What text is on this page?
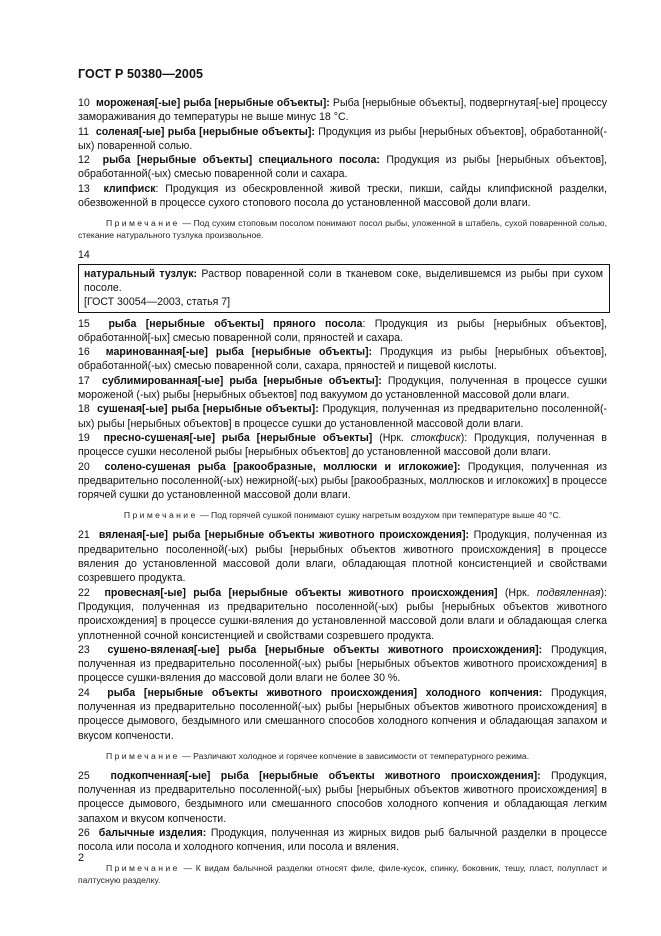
ГОСТ Р 50380—2005

10 мороженая[-ые] рыба [нерыбные объекты]: Рыба [нерыбные объекты], подвергнутая[-ые] процессу замораживания до температуры не выше минус 18 °С.

11 соленая[-ые] рыба [нерыбные объекты]: Продукция из рыбы [нерыбных объектов], обработанной(-ых) поваренной солью.

12 рыба [нерыбные объекты] специального посола: Продукция из рыбы [нерыбных объектов], обработанной(-ых) смесью поваренной соли и сахара.

13 клипфиск: Продукция из обескровленной живой трески, пикши, сайды клипфискной разделки, обезвоженной в процессе сухого стопового посола до установленной массовой доли влаги.

Примечание — Под сухим стоповым посолом понимают посол рыбы, уложенной в штабель, сухой поваренной солью, стекание натурального тузлука произвольное.

14
натуральный тузлук: Раствор поваренной соли в тканевом соке, выделившемся из рыбы при сухом посоле.
[ГОСТ 30054—2003, статья 7]

15 рыба [нерыбные объекты] пряного посола: Продукция из рыбы [нерыбных объектов], обработанной[-ых] смесью поваренной соли, пряностей и сахара.

16 маринованная[-ые] рыба [нерыбные объекты]: Продукция из рыбы [нерыбных объектов], обработанной(-ых) смесью поваренной соли, сахара, пряностей и пищевой кислоты.

17 сублимированная[-ые] рыба [нерыбные объекты]: Продукция, полученная в процессе сушки мороженой (-ых) рыбы [нерыбных объектов] под вакуумом до установленной массовой доли влаги.

18 сушеная[-ые] рыба [нерыбные объекты]: Продукция, полученная из предварительно посоленной(-ых) рыбы [нерыбных объектов] в процессе сушки до установленной массовой доли влаги.

19 пресно-сушеная[-ые] рыба [нерыбные объекты] (Нрк. стокфиск): Продукция, полученная в процессе сушки несоленой рыбы [нерыбных объектов] до установленной массовой доли влаги.

20 солено-сушеная рыба [ракообразные, моллюски и иглокожие]: Продукция, полученная из предварительно посоленной(-ых) нежирной(-ых) рыбы [ракообразных, моллюсков и иглокожих] в процессе горячей сушки до установленной массовой доли влаги.

Примечание — Под горячей сушкой понимают сушку нагретым воздухом при температуре выше 40 °С.

21 вяленая[-ые] рыба [нерыбные объекты животного происхождения]: Продукция, полученная из предварительно посоленной(-ых) рыбы [нерыбных объектов животного происхождения] в процессе вяления до установленной массовой доли влаги, обладающая плотной консистенцией и свойствами созревшего продукта.

22 провесная[-ые] рыба [нерыбные объекты животного происхождения] (Нрк. подвяленная): Продукция, полученная из предварительно посоленной(-ых) рыбы [нерыбных объектов животного происхождения] в процессе сушки-вяления до установленной массовой доли влаги и обладающая слегка уплотненной сочной консистенцией и свойствами созревшего продукта.

23 сушено-вяленая[-ые] рыба [нерыбные объекты животного происхождения]: Продукция, полученная из предварительно посоленной(-ых) рыбы [нерыбных объектов животного происхождения] в процессе сушки-вяления до массовой доли влаги не более 30 %.

24 рыба [нерыбные объекты животного происхождения] холодного копчения: Продукция, полученная из предварительно посоленной(-ых) рыбы [нерыбных объектов животного происхождения] в процессе дымового, бездымного или смешанного способов холодного копчения и обладающая запахом и вкусом копчености.

Примечание — Различают холодное и горячее копчение в зависимости от температурного режима.

25 подкопченная[-ые] рыба [нерыбные объекты животного происхождения]: Продукция, полученная из предварительно посоленной(-ых) рыбы [нерыбных объектов животного происхождения] в процессе дымового, бездымного или смешанного способов холодного копчения и обладающая легким запахом и вкусом копчености.

26 балычные изделия: Продукция, полученная из жирных видов рыб балычной разделки в процессе посола или посола и холодного копчения, или посола и вяления.

Примечание — К видам балычной разделки относят филе, филе-кусок, спинку, боковник, тешу, пласт, полупласт и палтусную разделку.

2
